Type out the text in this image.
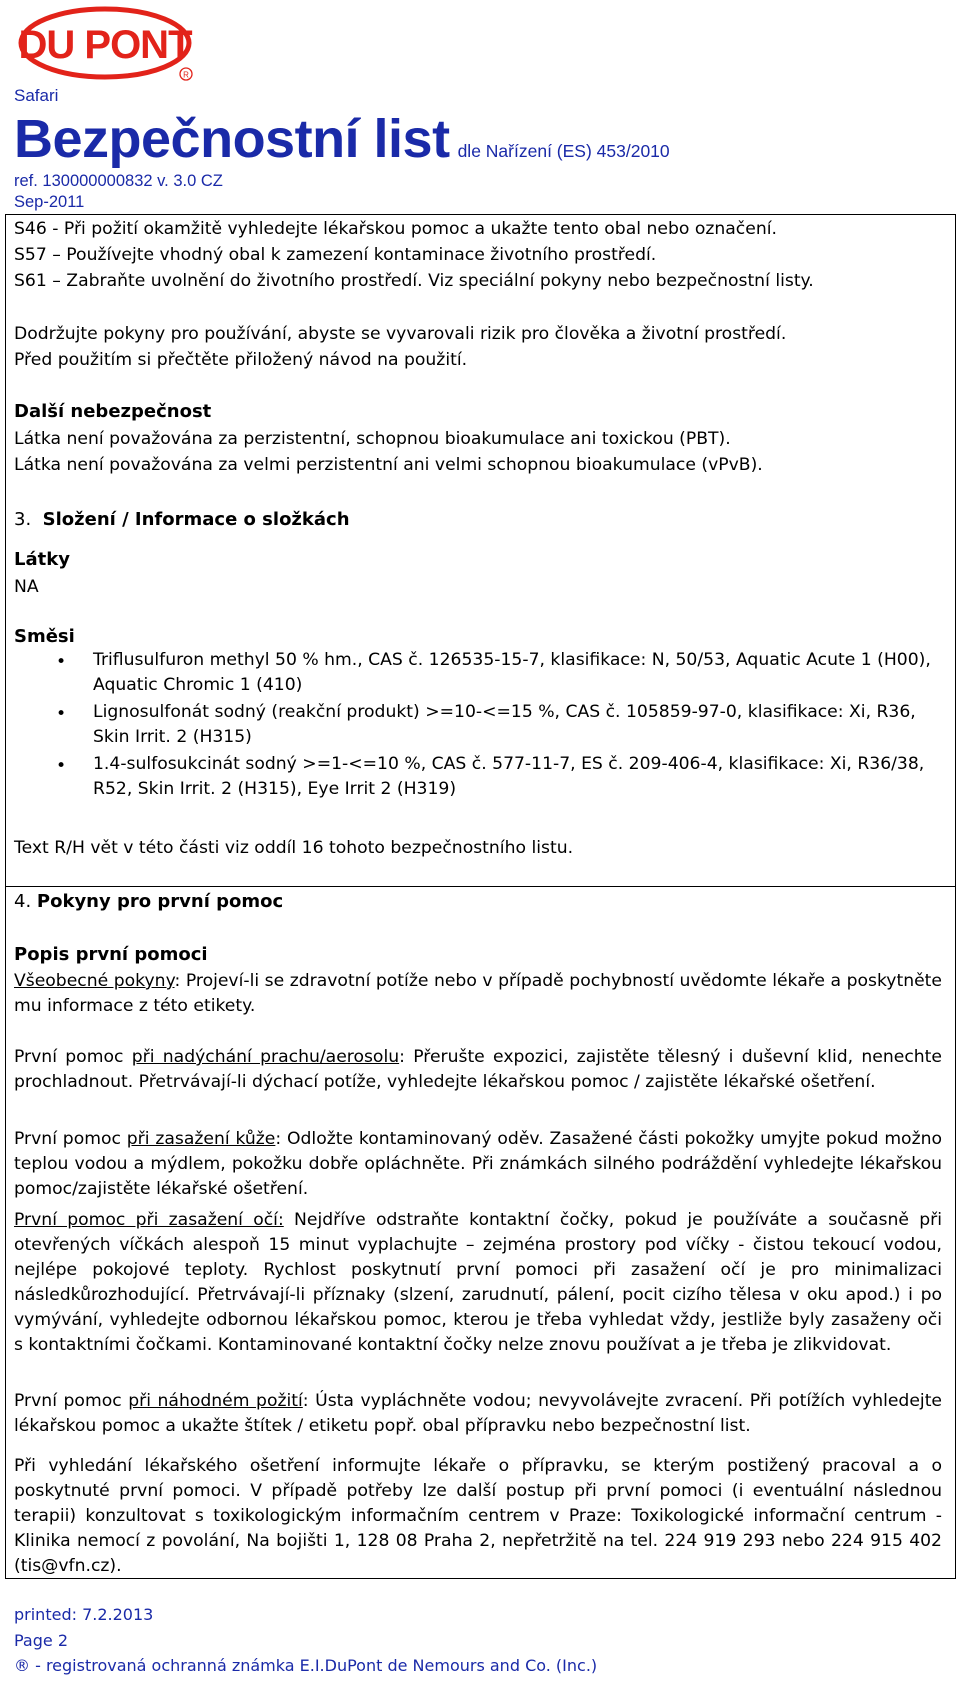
DU PONT
R
Safari
Bezpečnostní list dle Nařízení (ES) 453/2010
ref. 130000000832 v. 3.0 CZ
Sep-2011
S46 - Při požití okamžitě vyhledejte lékařskou pomoc a ukažte tento obal nebo označení.
S57 – Používejte vhodný obal k zamezení kontaminace životního prostředí.
S61 – Zabraňte uvolnění do životního prostředí. Viz speciální pokyny nebo bezpečnostní listy.
Dodržujte pokyny pro používání, abyste se vyvarovali rizik pro člověka a životní prostředí.
Před použitím si přečtěte přiložený návod na použití.
Další nebezpečnost
Látka není považována za perzistentní, schopnou bioakumulace ani toxickou (PBT).
Látka není považována za velmi perzistentní ani velmi schopnou bioakumulace (vPvB).
3. Složení / Informace o složkách
Látky
NA
Směsi
• Triflusulfuron methyl 50 % hm., CAS č. 126535-15-7, klasifikace: N, 50/53, Aquatic Acute 1 (H00), Aquatic Chromic 1 (410)
• Lignosulfonát sodný (reakční produkt) >=10-<=15 %, CAS č. 105859-97-0, klasifikace: Xi, R36, Skin Irrit. 2 (H315)
• 1.4-sulfosukcinát sodný >=1-<=10 %, CAS č. 577-11-7, ES č. 209-406-4, klasifikace: Xi, R36/38, R52, Skin Irrit. 2 (H315), Eye Irrit 2 (H319)
Text R/H vět v této části viz oddíl 16 tohoto bezpečnostního listu.
4. Pokyny pro první pomoc
Popis první pomoci
Všeobecné pokyny: Projeví-li se zdravotní potíže nebo v případě pochybností uvědomte lékaře a poskytněte mu informace z této etikety.
První pomoc při nadýchání prachu/aerosolu: Přerušte expozici, zajistěte tělesný i duševní klid, nenechte prochladnout. Přetrvávají-li dýchací potíže, vyhledejte lékařskou pomoc / zajistěte lékařské ošetření.
První pomoc při zasažení kůže: Odložte kontaminovaný oděv. Zasažené části pokožky umyjte pokud možno teplou vodou a mýdlem, pokožku dobře opláchněte. Při známkách silného podráždění vyhledejte lékařskou pomoc/zajistěte lékařské ošetření.
První pomoc při zasažení očí: Nejdříve odstraňte kontaktní čočky, pokud je používáte a současně při otevřených víčkách alespoň 15 minut vyplachujte – zejména prostory pod víčky - čistou tekoucí vodou, nejlépe pokojové teploty. Rychlost poskytnutí první pomoci při zasažení očí je pro minimalizaci následkůrozhodující. Přetrvávají-li příznaky (slzení, zarudnutí, pálení, pocit cizího tělesa v oku apod.) i po vymývání, vyhledejte odbornou lékařskou pomoc, kterou je třeba vyhledat vždy, jestliže byly zasaženy oči s kontaktními čočkami. Kontaminované kontaktní čočky nelze znovu používat a je třeba je zlikvidovat.
První pomoc při náhodném požití: Ústa vypláchněte vodou; nevyvolávejte zvracení. Při potížích vyhledejte lékařskou pomoc a ukažte štítek / etiketu popř. obal přípravku nebo bezpečnostní list.
Při vyhledání lékařského ošetření informujte lékaře o přípravku, se kterým postižený pracoval a o poskytnuté první pomoci. V případě potřeby lze další postup při první pomoci (i eventuální následnou terapii) konzultovat s toxikologickým informačním centrem v Praze: Toxikologické informační centrum - Klinika nemocí z povolání, Na bojišti 1, 128 08 Praha 2, nepřetržitě na tel. 224 919 293 nebo 224 915 402 (tis@vfn.cz).
printed: 7.2.2013
Page 2
® - registrovaná ochranná známka E.I.DuPont de Nemours and Co. (Inc.)
